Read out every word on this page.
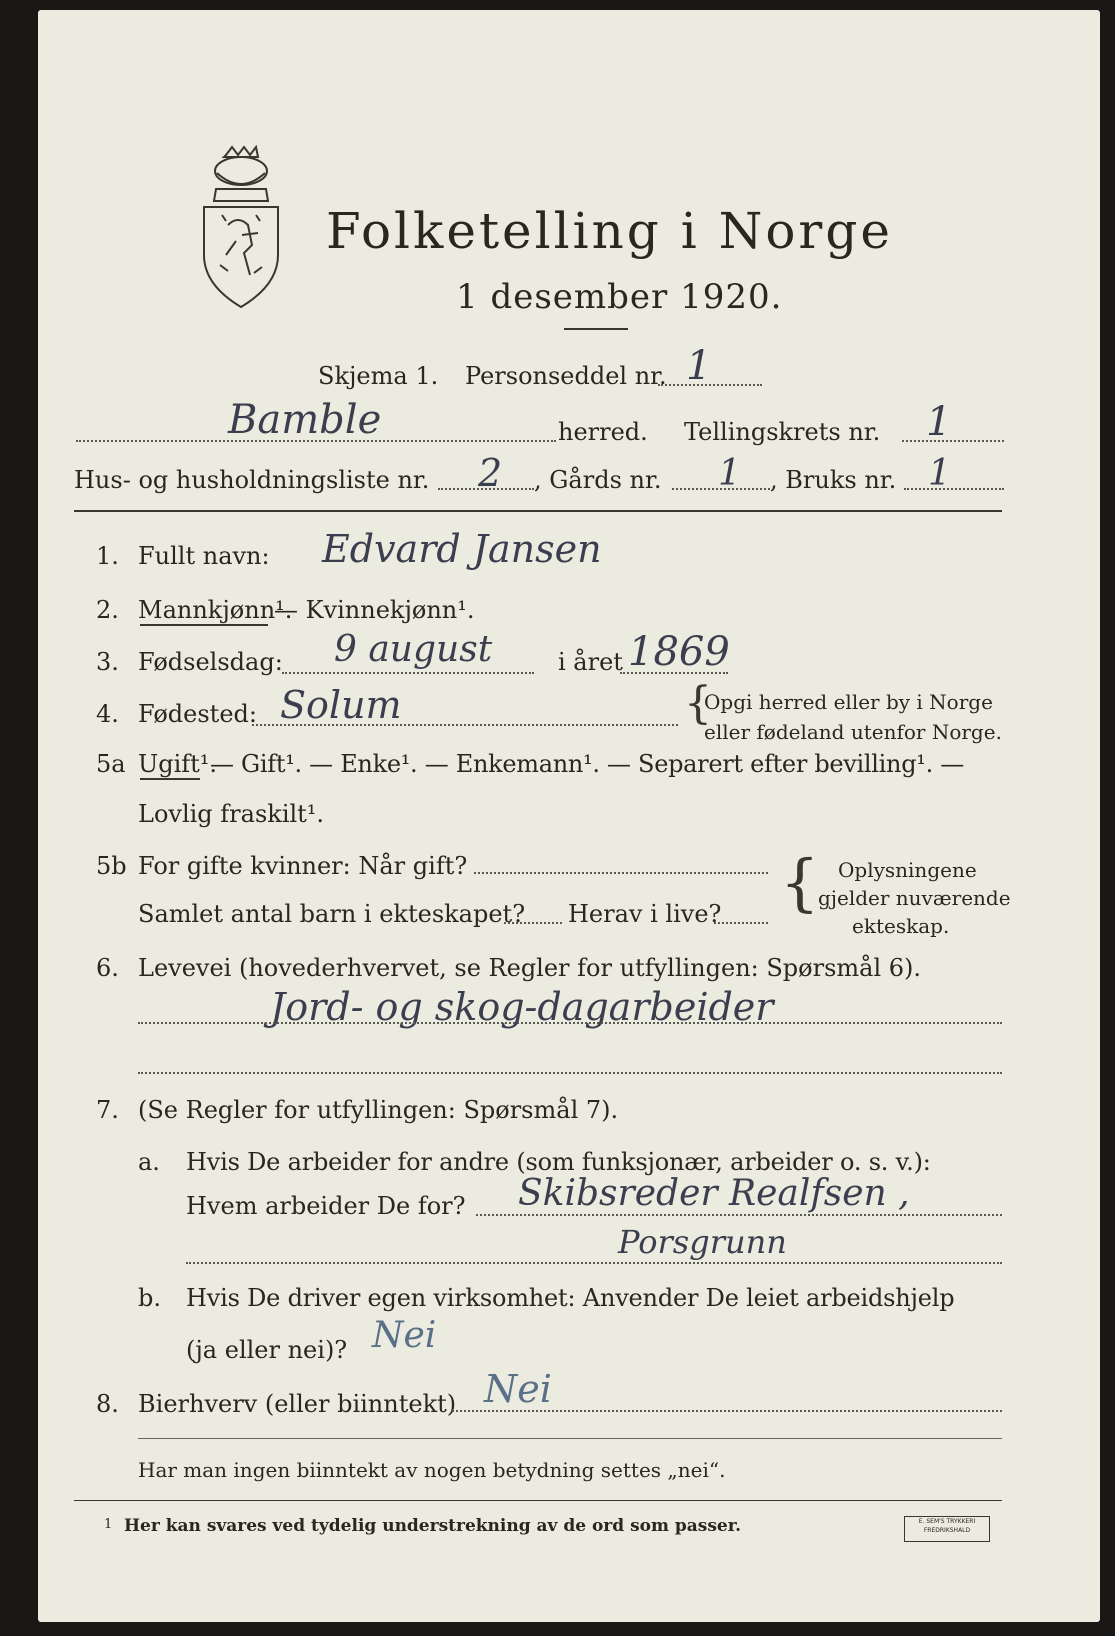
Folketelling i Norge
1 desember 1920.
Skjema 1. Personseddel nr. 1
Bamble	herred. Tellingskrets nr. 1
Hus- og husholdningsliste nr. 2 , Gårds nr. 1 , Bruks nr. 1
1. Fullt navn: Edvard Jansen
2. Mannkjønn¹.
— Kvinnekjønn¹.
3. Fødselsdag: 9 august	i året 1869
4. Fødested: Solum	{
Opgi herred eller by i Norge
eller fødeland utenfor Norge.
5a Ugift¹.
— Gift¹. — Enke¹. — Enkemann¹. — Separert efter bevilling¹. —
Lovlig fraskilt¹.
5b For gifte kvinner: Når gift?
Samlet antal barn i ekteskapet? Herav i live? { Oplysningene
gjelder nuværende
ekteskap.
6. Levevei (hovederhvervet, se Regler for utfyllingen: Spørsmål 6).
Jord- og skog-dagarbeider
7. (Se Regler for utfyllingen: Spørsmål 7).
a. Hvis De arbeider for andre (som funksjonær, arbeider o. s. v.):
Hvem arbeider De for? Skibsreder Realfsen ,
Porsgrunn
b. Hvis De driver egen virksomhet: Anvender De leiet arbeidshjelp
(ja eller nei)? Nei
8. Bierhverv (eller biinntekt) Nei
Har man ingen biinntekt av nogen betydning settes „nei“.
1 Her kan svares ved tydelig understrekning av de ord som passer.	E. SEM'S TRYKKERI
FREDRIKSHALD
